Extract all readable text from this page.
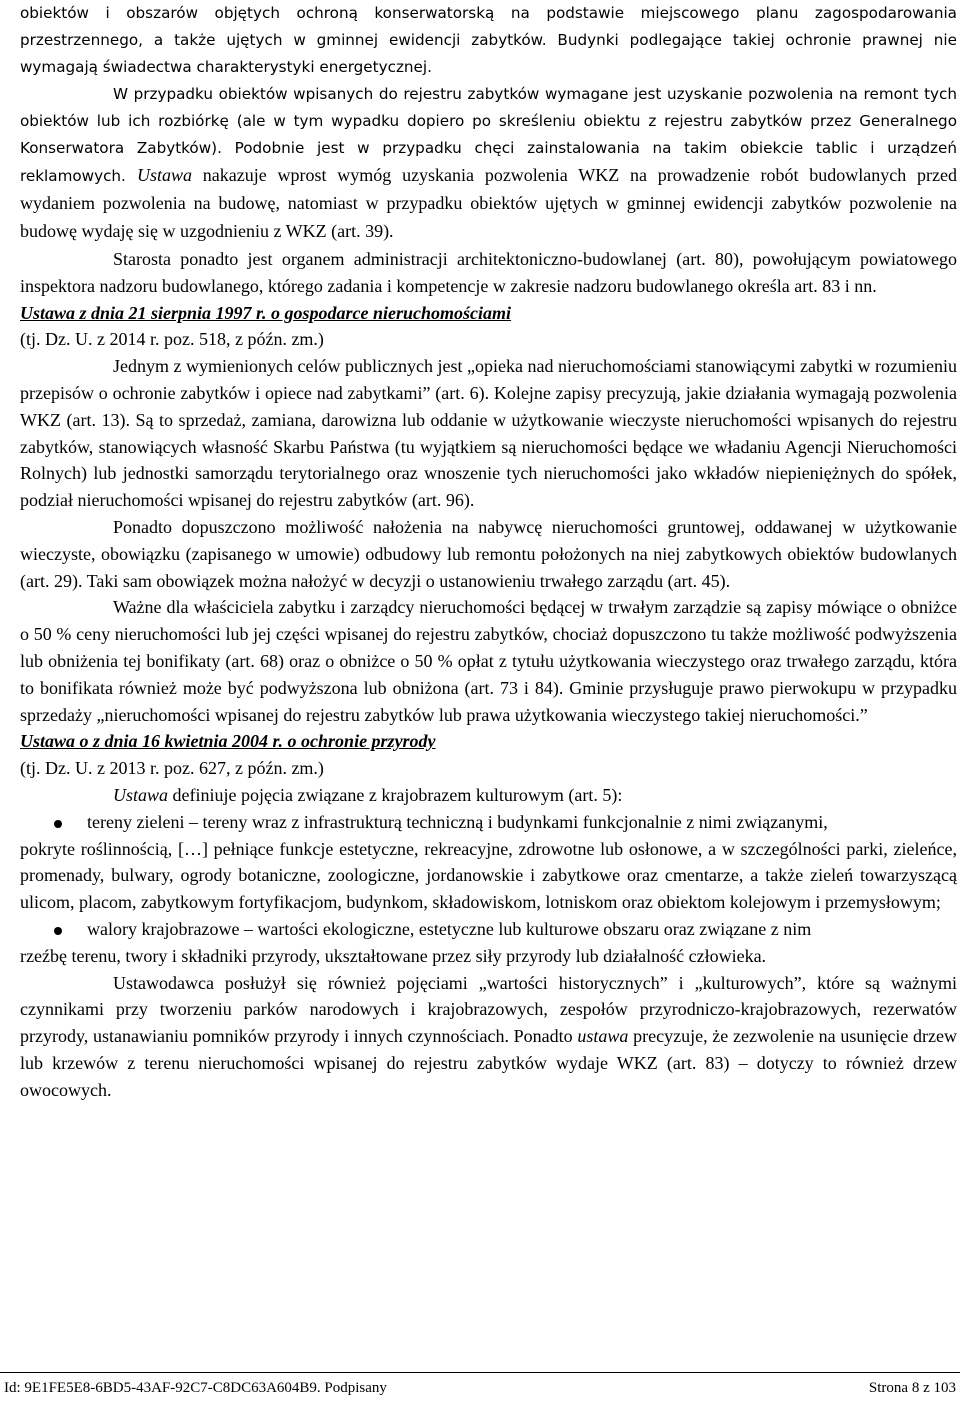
obiektów i obszarów objętych ochroną konserwatorską na podstawie miejscowego planu zagospodarowania przestrzennego, a także ujętych w gminnej ewidencji zabytków. Budynki podlegające takiej ochronie prawnej nie wymagają świadectwa charakterystyki energetycznej.

W przypadku obiektów wpisanych do rejestru zabytków wymagane jest uzyskanie pozwolenia na remont tych obiektów lub ich rozbiórkę (ale w tym wypadku dopiero po skreśleniu obiektu z rejestru zabytków przez Generalnego Konserwatora Zabytków). Podobnie jest w przypadku chęci zainstalowania na takim obiekcie tablic i urządzeń reklamowych. Ustawa nakazuje wprost wymóg uzyskania pozwolenia WKZ na prowadzenie robót budowlanych przed wydaniem pozwolenia na budowę, natomiast w przypadku obiektów ujętych w gminnej ewidencji zabytków pozwolenie na budowę wydaję się w uzgodnieniu z WKZ (art. 39).

Starosta ponadto jest organem administracji architektoniczno-budowlanej (art. 80), powołującym powiatowego inspektora nadzoru budowlanego, którego zadania i kompetencje w zakresie nadzoru budowlanego określa art. 83 i nn.

Ustawa z dnia 21 sierpnia 1997 r. o gospodarce nieruchomościami

(tj. Dz. U. z 2014 r. poz. 518, z późn. zm.)

Jednym z wymienionych celów publicznych jest „opieka nad nieruchomościami stanowiącymi zabytki w rozumieniu przepisów o ochronie zabytków i opiece nad zabytkami” (art. 6). Kolejne zapisy precyzują, jakie działania wymagają pozwolenia WKZ (art. 13). Są to sprzedaż, zamiana, darowizna lub oddanie w użytkowanie wieczyste nieruchomości wpisanych do rejestru zabytków, stanowiących własność Skarbu Państwa (tu wyjątkiem są nieruchomości będące we władaniu Agencji Nieruchomości Rolnych) lub jednostki samorządu terytorialnego oraz wnoszenie tych nieruchomości jako wkładów niepieniężnych do spółek, podział nieruchomości wpisanej do rejestru zabytków (art. 96).

Ponadto dopuszczono możliwość nałożenia na nabywcę nieruchomości gruntowej, oddawanej w użytkowanie wieczyste, obowiązku (zapisanego w umowie) odbudowy lub remontu położonych na niej zabytkowych obiektów budowlanych (art. 29). Taki sam obowiązek można nałożyć w decyzji o ustanowieniu trwałego zarządu (art. 45).

Ważne dla właściciela zabytku i zarządcy nieruchomości będącej w trwałym zarządzie są zapisy mówiące o obniżce o 50 % ceny nieruchomości lub jej części wpisanej do rejestru zabytków, chociaż dopuszczono tu także możliwość podwyższenia lub obniżenia tej bonifikaty (art. 68) oraz o obniżce o 50 % opłat z tytułu użytkowania wieczystego oraz trwałego zarządu, która to bonifikata również może być podwyższona lub obniżona (art. 73 i 84). Gminie przysługuje prawo pierwokupu w przypadku sprzedaży „nieruchomości wpisanej do rejestru zabytków lub prawa użytkowania wieczystego takiej nieruchomości.”

Ustawa o z dnia 16 kwietnia 2004 r. o ochronie przyrody

(tj. Dz. U. z 2013 r. poz. 627, z późn. zm.)

Ustawa definiuje pojęcia związane z krajobrazem kulturowym (art. 5):

tereny zieleni – tereny wraz z infrastrukturą techniczną i budynkami funkcjonalnie z nimi związanymi,

pokryte roślinnością, […] pełniące funkcje estetyczne, rekreacyjne, zdrowotne lub osłonowe, a w szczególności parki, zieleńce, promenady, bulwary, ogrody botaniczne, zoologiczne, jordanowskie i zabytkowe oraz cmentarze, a także zieleń towarzyszącą ulicom, placom, zabytkowym fortyfikacjom, budynkom, składowiskom, lotniskom oraz obiektom kolejowym i przemysłowym;

walory krajobrazowe – wartości ekologiczne, estetyczne lub kulturowe obszaru oraz związane z nim

rzeźbę terenu, twory i składniki przyrody, ukształtowane przez siły przyrody lub działalność człowieka.

Ustawodawca posłużył się również pojęciami „wartości historycznych” i „kulturowych”, które są ważnymi czynnikami przy tworzeniu parków narodowych i krajobrazowych, zespołów przyrodniczo-krajobrazowych, rezerwatów przyrody, ustanawianiu pomników przyrody i innych czynnościach. Ponadto ustawa precyzuje, że zezwolenie na usunięcie drzew lub krzewów z terenu nieruchomości wpisanej do rejestru zabytków wydaje WKZ (art. 83) – dotyczy to również drzew owocowych.

Id: 9E1FE5E8-6BD5-43AF-92C7-C8DC63A604B9. Podpisany	Strona 8 z 103
